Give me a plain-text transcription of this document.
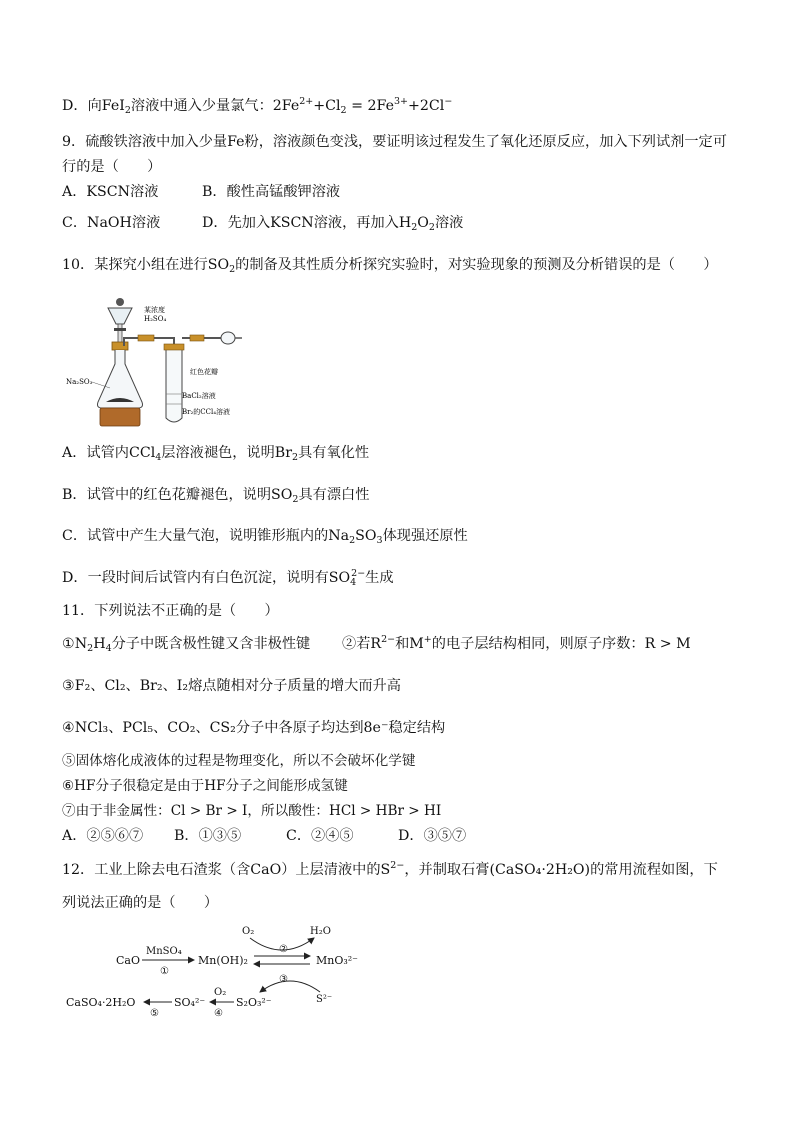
D．向FeI$_2$溶液中通入少量氯气：$2Fe^{2+}+Cl_2 = 2Fe^{3+}+2Cl^-$
9．硫酸铁溶液中加入少量Fe粉，溶液颜色变浅，要证明该过程发生了氧化还原反应，加入下列试剂一定可
行的是（　　）
A．KSCN溶液	B．酸性高锰酸钾溶液
C．NaOH溶液	D．先加入KSCN溶液，再加入$H_2O_2$溶液
10．某探究小组在进行$SO_2$的制备及其性质分析探究实验时，对实验现象的预测及分析错误的是（　　）
某浓度
H₂SO₄
Na₂SO₃
红色花瓣
BaCl₂溶液
Br₂的CCl₄溶液
A．试管内CCl$_4$层溶液褪色，说明$Br_2$具有氧化性
B．试管中的红色花瓣褪色，说明$SO_2$具有漂白性
C．试管中产生大量气泡，说明锥形瓶内的$Na_2SO_3$体现强还原性
D．一段时间后试管内有白色沉淀，说明有$SO_4^{2-}$生成
11．下列说法不正确的是（　　）
$①N_2H_4$分子中既含极性键又含非极性键 ②若$R^{2-}$和M+的电子层结构相同，则原子序数：R > M
③F₂、Cl₂、Br₂、I₂熔点随相对分子质量的增大而升高
④NCl₃、PCl₅、CO₂、CS₂分子中各原子均达到8e⁻稳定结构
⑤固体熔化成液体的过程是物理变化，所以不会破坏化学键
⑥HF分子很稳定是由于HF分子之间能形成氢键
⑦由于非金属性：Cl > Br > I，所以酸性：HCl > HBr > HI
A．②⑤⑥⑦ B．①③⑤	C．②④⑤	D．③⑤⑦
12．工业上除去电石渣浆（含CaO）上层清液中的$S^{2-}$，并制取石膏(CaSO₄·2H₂O)的常用流程如图，下
列说法正确的是（　　）
CaO
MnSO₄
①
Mn(OH)₂
O₂	H₂O
②
MnO₃²⁻
③
S²⁻
S₂O₃²⁻
O₂
④
SO₄²⁻
⑤
CaSO₄·2H₂O
